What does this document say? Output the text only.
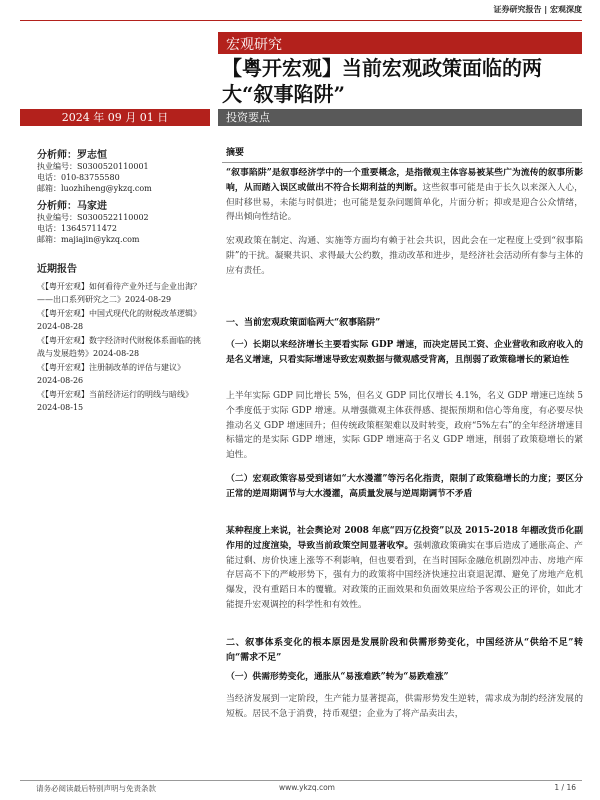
证券研究报告 | 宏观深度
宏观研究
【粤开宏观】当前宏观政策面临的两大“叙事陷阱”
2024 年 09 月 01 日	投资要点
分析师：罗志恒
执业编号：S0300520110001
电话：010-83755580
邮箱：luozhiheng@ykzq.com
分析师：马家进
执业编号：S0300522110002
电话：13645711472
邮箱：majiajin@ykzq.com
近期报告
《【粤开宏观】如何看待产业外迁与企业出海？——出口系列研究之二》2024-08-29
《【粤开宏观】中国式现代化的财税改革逻辑》2024-08-28
《【粤开宏观】数字经济时代财税体系面临的挑战与发展趋势》2024-08-28
《【粤开宏观】注册制改革的评估与建议》2024-08-26
《【粤开宏观】当前经济运行的明线与暗线》2024-08-15
摘要
“叙事陷阱”是叙事经济学中的一个重要概念，是指微观主体容易被某些广为流传的叙事所影响，从而踏入误区或做出不符合长期利益的判断。这些叙事可能是由于长久以来深入人心，但时移世易，未能与时俱进；也可能是复杂问题简单化，片面分析；抑或是迎合公众情绪，得出倾向性结论。
宏观政策在制定、沟通、实施等方面均有赖于社会共识，因此会在一定程度上受到“叙事陷阱”的干扰。凝聚共识、求得最大公约数，推动改革和进步，是经济社会活动所有参与主体的应有责任。
一、当前宏观政策面临两大“叙事陷阱”
（一）长期以来经济增长主要看实际 GDP 增速，而决定居民工资、企业营收和政府收入的是名义增速，只看实际增速导致宏观数据与微观感受背离，且削弱了政策稳增长的紧迫性
上半年实际 GDP 同比增长 5%，但名义 GDP 同比仅增长 4.1%，名义 GDP 增速已连续 5 个季度低于实际 GDP 增速。从增强微观主体获得感、提振预期和信心等角度，有必要尽快推动名义 GDP 增速回升；但传统政策框架难以及时转变，政府“5%左右”的全年经济增速目标锚定的是实际 GDP 增速，实际 GDP 增速高于名义 GDP 增速，削弱了政策稳增长的紧迫性。
（二）宏观政策容易受到诸如“大水漫灌”等污名化指责，限制了政策稳增长的力度；要区分正常的逆周期调节与大水漫灌，高质量发展与逆周期调节不矛盾
某种程度上来说，社会舆论对 2008 年底“四万亿投资”以及 2015-2018 年棚改货币化副作用的过度渲染，导致当前政策空间显著收窄。强刺激政策确实在事后造成了通胀高企、产能过剩、房价快速上涨等不利影响，但也要看到，在当时国际金融危机剧烈冲击、房地产库存居高不下的严峻形势下，强有力的政策将中国经济快速拉出衰退泥潭、避免了房地产危机爆发，没有重蹈日本的覆辙。对政策的正面效果和负面效果应给予客观公正的评价，如此才能提升宏观调控的科学性和有效性。
二、叙事体系变化的根本原因是发展阶段和供需形势变化，中国经济从“供给不足”转向“需求不足”
（一）供需形势变化，通胀从“易涨难跌”转为“易跌难涨”
当经济发展到一定阶段，生产能力显著提高，供需形势发生逆转，需求成为制约经济发展的短板。居民不急于消费，持币观望；企业为了将产品卖出去，
请务必阅读最后特别声明与免责条款	www.ykzq.com	1 / 16
